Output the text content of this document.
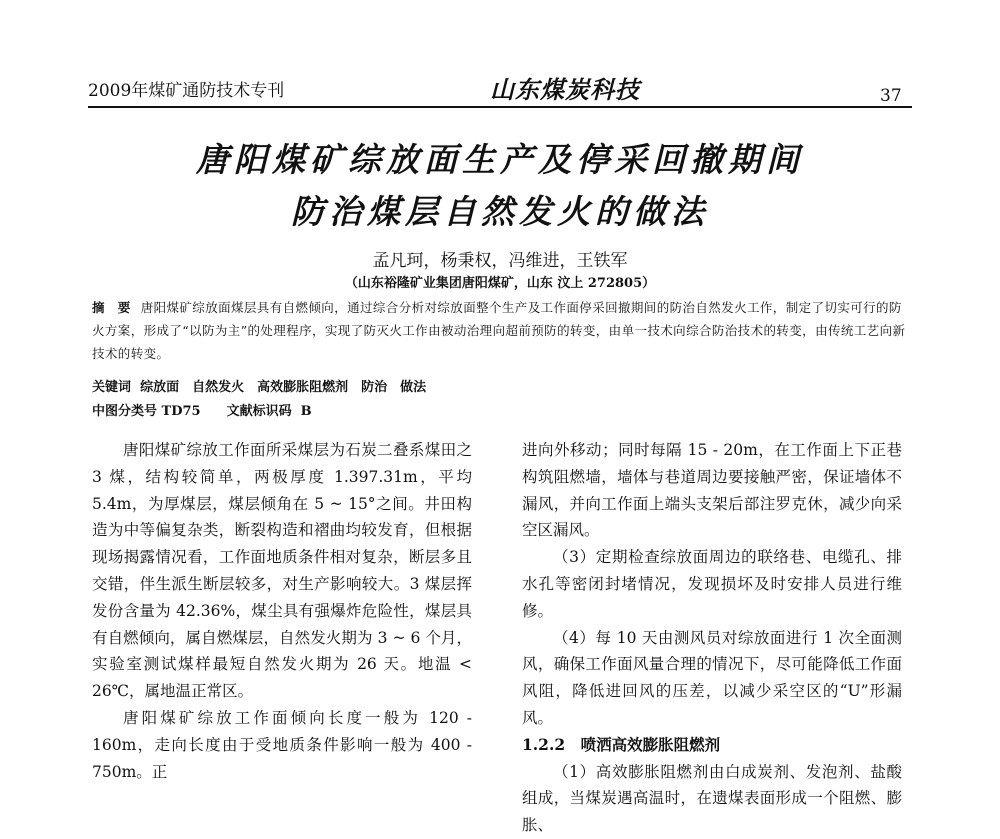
2009年煤矿通防技术专刊	山东煤炭科技	37
唐阳煤矿综放面生产及停采回撤期间
防治煤层自然发火的做法
孟凡珂，杨秉权，冯维进，王铁军
（山东裕隆矿业集团唐阳煤矿，山东 汶上 272805）
摘　要 唐阳煤矿综放面煤层具有自燃倾向，通过综合分析对综放面整个生产及工作面停采回撤期间的防治自然发火工作，制定了切实可行的防火方案，形成了“以防为主”的处理程序，实现了防灭火工作由被动治理向超前预防的转变，由单一技术向综合防治技术的转变，由传统工艺向新技术的转变。
关键词 综放面　自然发火　高效膨胀阻燃剂　防治　做法
中图分类号 TD75 文献标识码 B

唐阳煤矿综放工作面所采煤层为石炭二叠系煤田之 3 煤，结构较简单，两极厚度 1.397.31m，平均 5.4m，为厚煤层，煤层倾角在 5 ~ 15°之间。井田构造为中等偏复杂类，断裂构造和褶曲均较发育，但根据现场揭露情况看，工作面地质条件相对复杂，断层多且交错，伴生派生断层较多，对生产影响较大。3 煤层挥发份含量为 42.36%，煤尘具有强爆炸危险性，煤层具有自燃倾向，属自燃煤层，自然发火期为 3 ~ 6 个月，实验室测试煤样最短自然发火期为 26 天。地温 < 26℃，属地温正常区。

唐阳煤矿综放工作面倾向长度一般为 120 - 160m，走向长度由于受地质条件影响一般为 400 - 750m。正

进向外移动；同时每隔 15 - 20m，在工作面上下正巷构筑阻燃墙，墙体与巷道周边要接触严密，保证墙体不漏风，并向工作面上端头支架后部注罗克休，减少向采空区漏风。

（3）定期检查综放面周边的联络巷、电缆孔、排水孔等密闭封堵情况，发现损坏及时安排人员进行维修。

（4）每 10 天由测风员对综放面进行 1 次全面测风，确保工作面风量合理的情况下，尽可能降低工作面风阻，降低进回风的压差，以减少采空区的“U”形漏风。

1.2.2　喷洒高效膨胀阻燃剂

（1）高效膨胀阻燃剂由白成炭剂、发泡剂、盐酸组成，当煤炭遇高温时，在遗煤表面形成一个阻燃、膨胀、
